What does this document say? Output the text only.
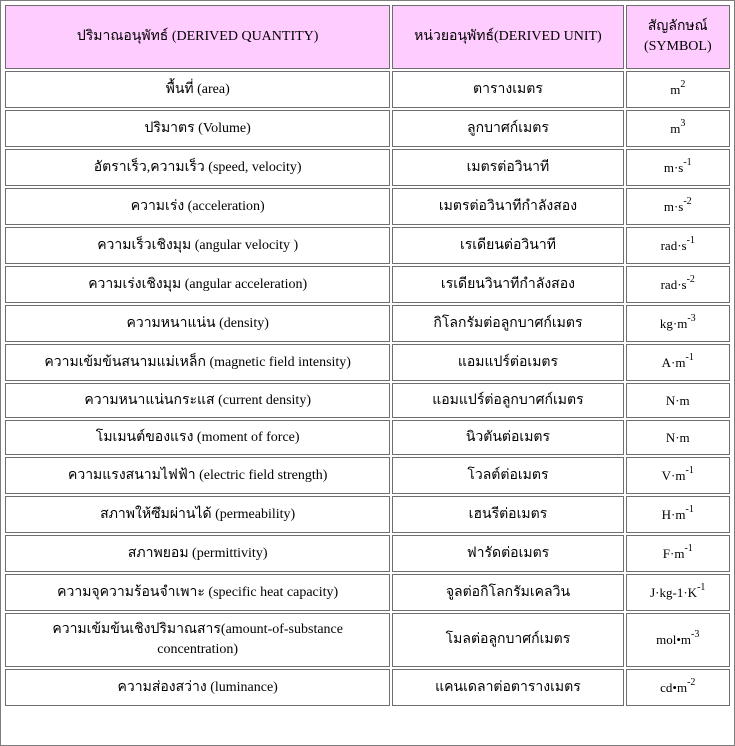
ปริมาณอนุพัทธ์ (DERIVED QUANTITY)	หน่วยอนุพัทธ์(DERIVED UNIT)	สัญลักษณ์
(SYMBOL)
พื้นที่ (area)	ตารางเมตร	$m^2$
ปริมาตร (Volume)	ลูกบาศก์เมตร	$m^3$
อัตราเร็ว,ความเร็ว (speed, velocity)	เมตรต่อวินาที	$m\cdot s^{-1}$
ความเร่ง (acceleration)	เมตรต่อวินาทีกำลังสอง	$m\cdot s^{-2}$
ความเร็วเชิงมุม (angular velocity )	เรเดียนต่อวินาที	$rad\cdot s^{-1}$
ความเร่งเชิงมุม (angular acceleration)	เรเดียนวินาทีกำลังสอง	$rad\cdot s^{-2}$
ความหนาแน่น (density)	กิโลกรัมต่อลูกบาศก์เมตร	$kg\cdot m^{-3}$
ความเข้มข้นสนามแม่เหล็ก (magnetic field intensity)	แอมแปร์ต่อเมตร	$A\cdot m^{-1}$
ความหนาแน่นกระแส (current density)	แอมแปร์ต่อลูกบาศก์เมตร	N·m
โมเมนต์ของแรง (moment of force)	นิวตันต่อเมตร	N·m
ความแรงสนามไฟฟ้า (electric field strength)	โวลต์ต่อเมตร	$V\cdot m^{-1}$
สภาพให้ซึมผ่านได้ (permeability)	เฮนรีต่อเมตร	$H\cdot m^{-1}$
สภาพยอม (permittivity)	ฟารัดต่อเมตร	$F\cdot m^{-1}$
ความจุความร้อนจำเพาะ (specific heat capacity)	จูลต่อกิโลกรัมเคลวิน	$J\cdot kg-1\cdot K^{-1}$
ความเข้มข้นเชิงปริมาณสาร(amount-of-substance
concentration)	โมลต่อลูกบาศก์เมตร	$mol•m^{-3}$
ความส่องสว่าง (luminance)	แคนเดลาต่อตารางเมตร	$cd•m^{-2}$
